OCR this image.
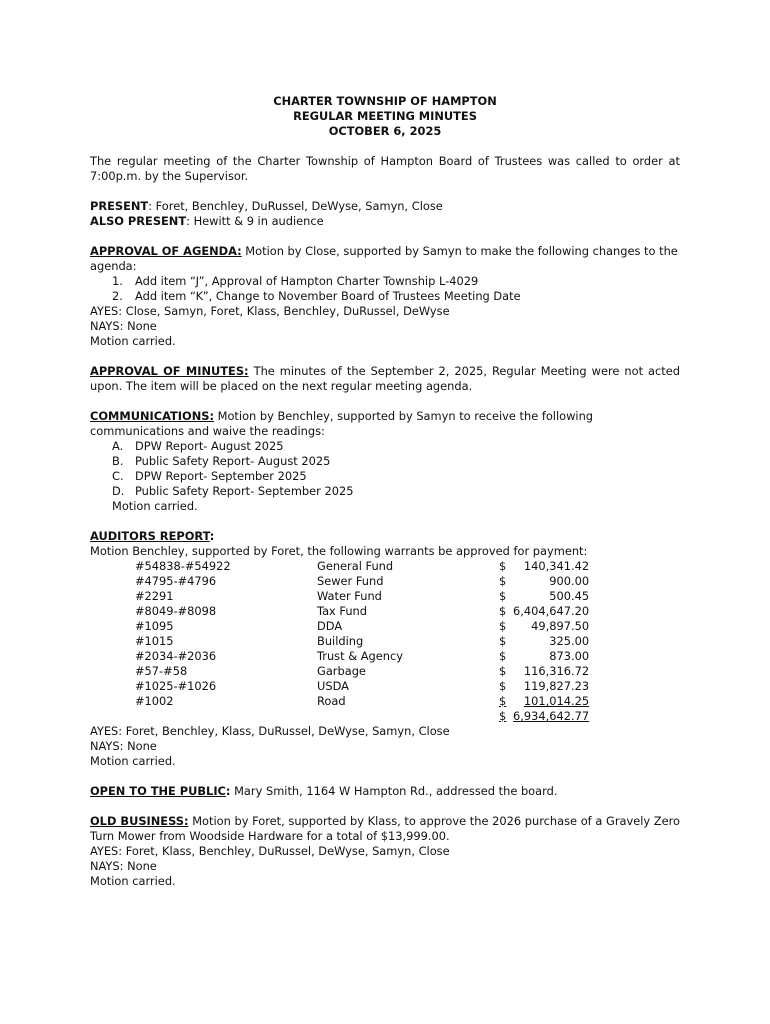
CHARTER TOWNSHIP OF HAMPTON
REGULAR MEETING MINUTES
OCTOBER 6, 2025

The regular meeting of the Charter Township of Hampton Board of Trustees was called to order at 7:00p.m. by the Supervisor.

PRESENT: Foret, Benchley, DuRussel, DeWyse, Samyn, Close

ALSO PRESENT: Hewitt & 9 in audience

APPROVAL OF AGENDA: Motion by Close, supported by Samyn to make the following changes to the agenda:

1. Add item “J”, Approval of Hampton Charter Township L-4029
2. Add item “K”, Change to November Board of Trustees Meeting Date

AYES: Close, Samyn, Foret, Klass, Benchley, DuRussel, DeWyse

NAYS: None

Motion carried.

APPROVAL OF MINUTES: The minutes of the September 2, 2025, Regular Meeting were not acted upon. The item will be placed on the next regular meeting agenda.

COMMUNICATIONS: Motion by Benchley, supported by Samyn to receive the following communications and waive the readings:

A. DPW Report- August 2025
B. Public Safety Report- August 2025
C. DPW Report- September 2025
D. Public Safety Report- September 2025

Motion carried.

AUDITORS REPORT:

Motion Benchley, supported by Foret, the following warrants be approved for payment:

#54838-#54922	General Fund	$	140,341.42
#4795-#4796	Sewer Fund	$	900.00
#2291	Water Fund	$	500.45
#8049-#8098	Tax Fund	$	6,404,647.20
#1095	DDA	$	49,897.50
#1015	Building	$	325.00
#2034-#2036	Trust & Agency	$	873.00
#57-#58	Garbage	$	116,316.72
#1025-#1026	USDA	$	119,827.23
#1002	Road	$	101,014.25
		$	6,934,642.77

AYES: Foret, Benchley, Klass, DuRussel, DeWyse, Samyn, Close

NAYS: None

Motion carried.

OPEN TO THE PUBLIC: Mary Smith, 1164 W Hampton Rd., addressed the board.

OLD BUSINESS: Motion by Foret, supported by Klass, to approve the 2026 purchase of a Gravely Zero Turn Mower from Woodside Hardware for a total of $13,999.00.

AYES: Foret, Klass, Benchley, DuRussel, DeWyse, Samyn, Close

NAYS: None

Motion carried.
